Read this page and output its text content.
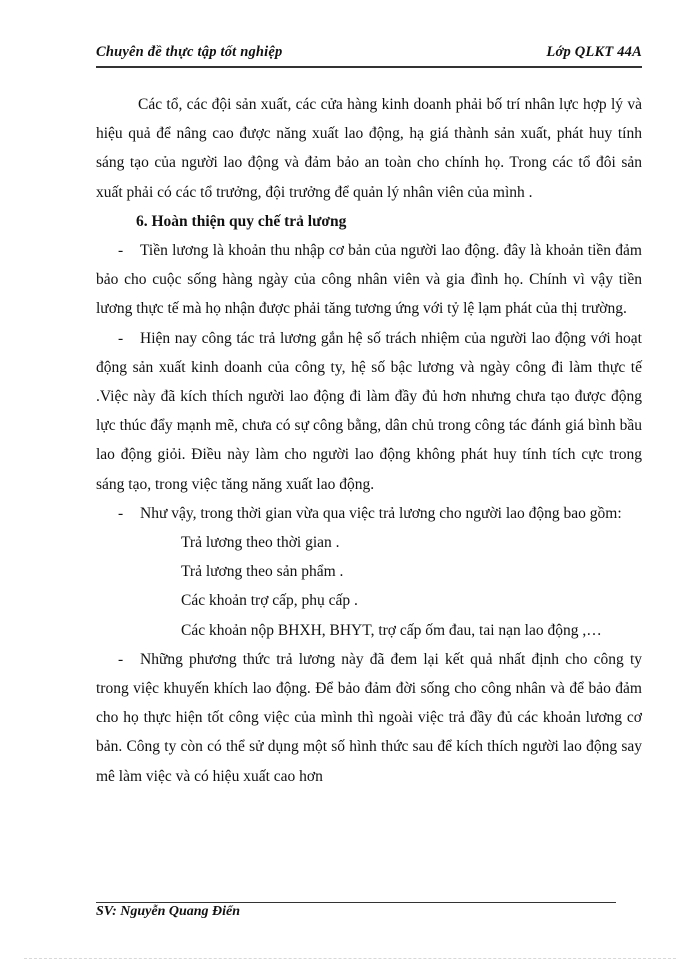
Chuyên đề thực tập tốt nghiệp	Lớp QLKT 44A

Các tổ, các đội sản xuất, các cửa hàng kinh doanh phải bố trí nhân lực hợp lý và hiệu quả để nâng cao được năng xuất lao động, hạ giá thành sản xuất, phát huy tính sáng tạo của người lao động và đảm bảo an toàn cho chính họ. Trong các tổ đôi sản xuất phải có các tổ trưởng, đội trưởng để quản lý nhân viên của mình .

6. Hoàn thiện quy chế trả lương

- Tiền lương là khoản thu nhập cơ bản của người lao động. đây là khoản tiền đảm bảo cho cuộc sống hàng ngày của công nhân viên và gia đình họ. Chính vì vậy tiền lương thực tế mà họ nhận được phải tăng tương ứng với tỷ lệ lạm phát của thị trường.

- Hiện nay công tác trả lương gắn hệ số trách nhiệm của người lao động với hoạt động sản xuất kinh doanh của công ty, hệ số bậc lương và ngày công đi làm thực tế .Việc này đã kích thích người lao động đi làm đầy đủ hơn nhưng chưa tạo được động lực thúc đẩy mạnh mẽ, chưa có sự công bằng, dân chủ trong công tác đánh giá bình bầu lao động giỏi. Điều này làm cho người lao động không phát huy tính tích cực trong sáng tạo, trong việc tăng năng xuất lao động.

- Như vậy, trong thời gian vừa qua việc trả lương cho người lao động bao gồm:

Trả lương theo thời gian .

Trả lương theo sản phẩm .

Các khoản trợ cấp, phụ cấp .

Các khoản nộp BHXH, BHYT, trợ cấp ốm đau, tai nạn lao động ,…

- Những phương thức trả lương này đã đem lại kết quả nhất định cho công ty trong việc khuyến khích lao động. Để bảo đảm đời sống cho công nhân và để bảo đảm cho họ thực hiện tốt công việc của mình thì ngoài việc trả đầy đủ các khoản lương cơ bản. Công ty còn có thể sử dụng một số hình thức sau để kích thích người lao động say mê làm việc và có hiệu xuất cao hơn

SV: Nguyễn Quang Điển
